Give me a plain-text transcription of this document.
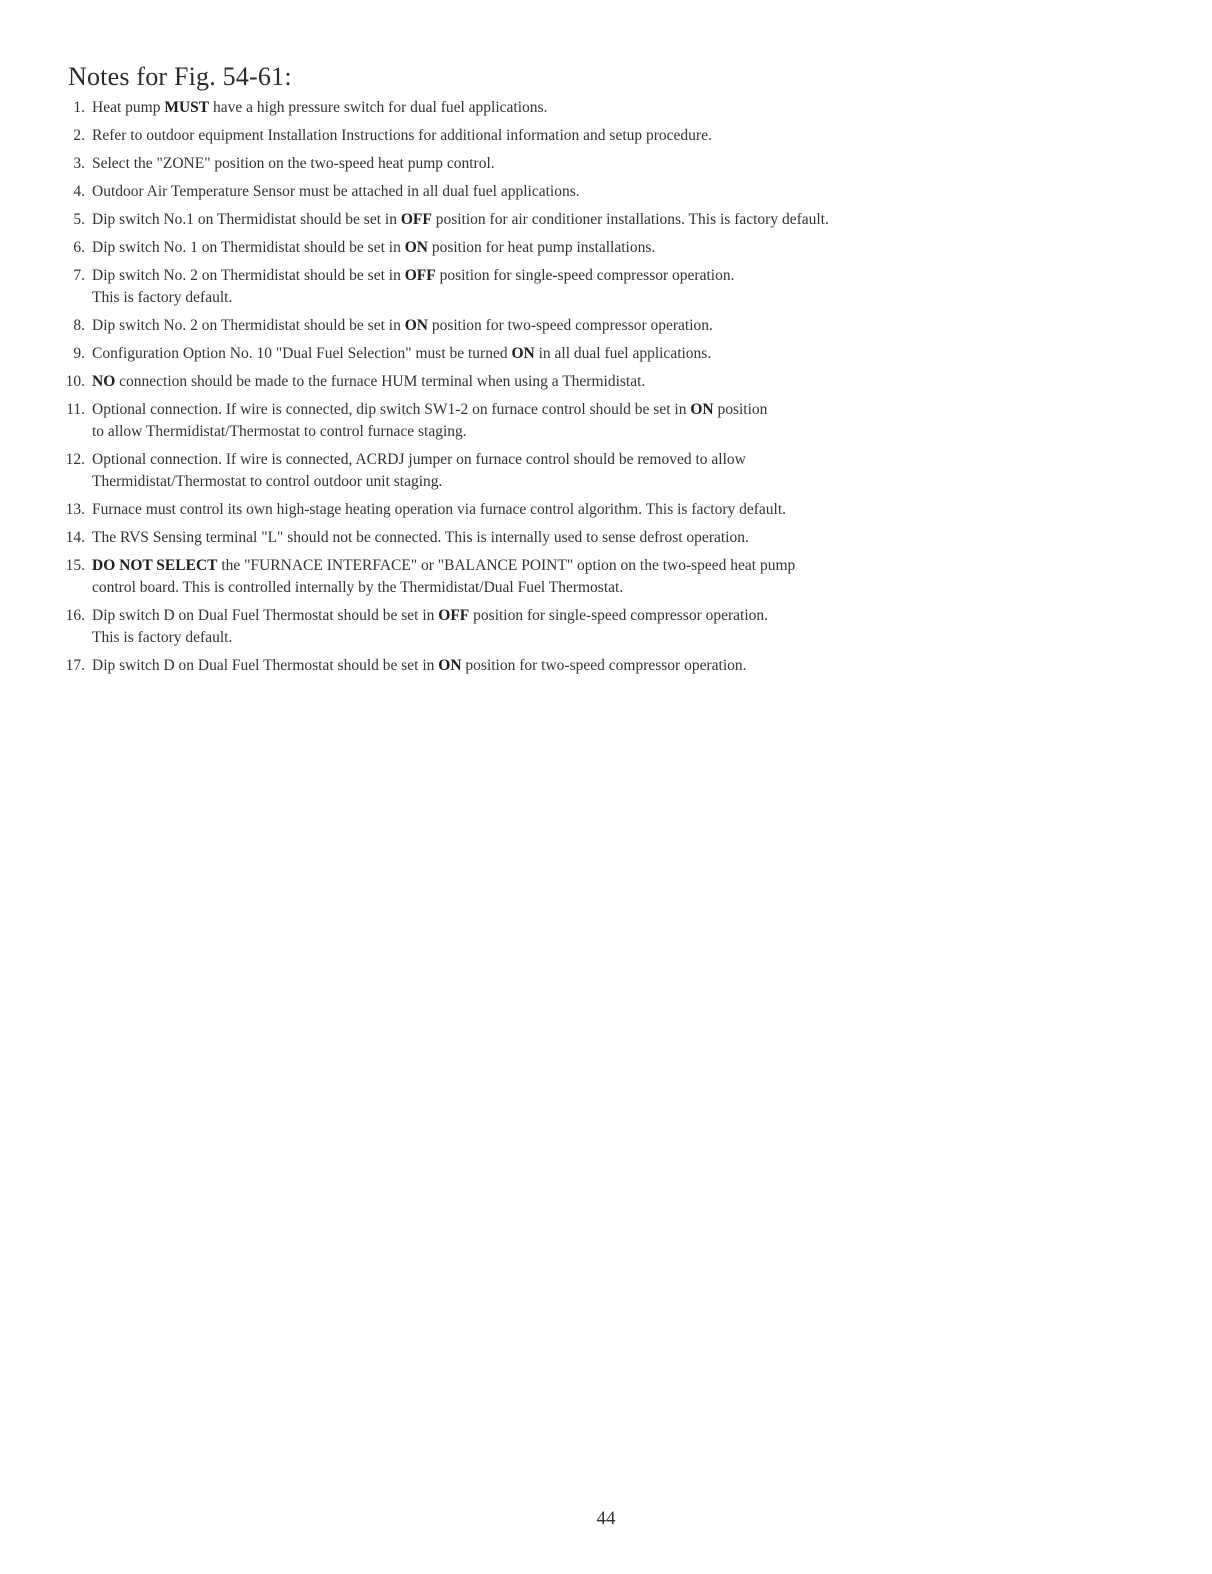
Notes for Fig. 54-61:
1. Heat pump MUST have a high pressure switch for dual fuel applications.
2. Refer to outdoor equipment Installation Instructions for additional information and setup procedure.
3. Select the "ZONE" position on the two-speed heat pump control.
4. Outdoor Air Temperature Sensor must be attached in all dual fuel applications.
5. Dip switch No.1 on Thermidistat should be set in OFF position for air conditioner installations. This is factory default.
6. Dip switch No. 1 on Thermidistat should be set in ON position for heat pump installations.
7. Dip switch No. 2 on Thermidistat should be set in OFF position for single-speed compressor operation.
This is factory default.
8. Dip switch No. 2 on Thermidistat should be set in ON position for two-speed compressor operation.
9. Configuration Option No. 10 "Dual Fuel Selection" must be turned ON in all dual fuel applications.
10. NO connection should be made to the furnace HUM terminal when using a Thermidistat.
11. Optional connection. If wire is connected, dip switch SW1-2 on furnace control should be set in ON position
to allow Thermidistat/Thermostat to control furnace staging.
12. Optional connection. If wire is connected, ACRDJ jumper on furnace control should be removed to allow
Thermidistat/Thermostat to control outdoor unit staging.
13. Furnace must control its own high-stage heating operation via furnace control algorithm. This is factory default.
14. The RVS Sensing terminal "L" should not be connected. This is internally used to sense defrost operation.
15. DO NOT SELECT the "FURNACE INTERFACE" or "BALANCE POINT" option on the two-speed heat pump
control board. This is controlled internally by the Thermidistat/Dual Fuel Thermostat.
16. Dip switch D on Dual Fuel Thermostat should be set in OFF position for single-speed compressor operation.
This is factory default.
17. Dip switch D on Dual Fuel Thermostat should be set in ON position for two-speed compressor operation.
44
